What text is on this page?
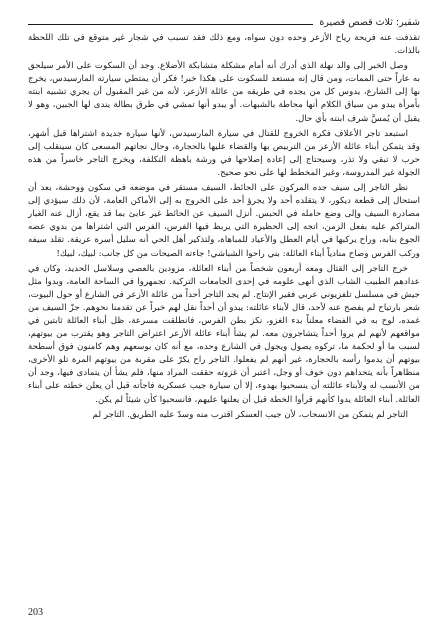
شقير: ثلاث قصص قصيرة

تقذفت عنه فريحة رياح الأزعر وحده دون سواه، ومع ذلك فقد تسبب في شجار غير متوقع في تلك اللحظة بالذات.

وصل الخبر إلى والد نهلة الذي أدرك أنه أمام مشكلة متشابكة الأضلاع. وجد أن السكوت على الأمر سيلحق به عاراً حتى الممات، ومن قال إنه مستعد للسكوت على هكذا خبر! فكر أن يمتطي سيارته المارسيدس، يخرج بها إلى الشارع، يدوس كل من يجده في طريقه من عائلة الأزعر، لأنه من غير المقبول أن يجري تشبيه ابنته بأمرأة يبدو من سياق الكلام أنها محاطة بالشبهات. أو يبدو أنها تمشي في طرق بطالة يندى لها الجبين، وهو لا يقبل أن يُمسَّ شرف ابنته بأي حال.

استبعد تاجر الأعلاف فكرة الخروج للقتال في سيارة المارسيدس، لأنها سيارة جديدة اشتراها قبل أشهر، وقد يتمكن أبناء عائلة الأزعر من التربيص بها والقضاء عليها بالحجارة، وحال نجاتهم المسعى كان سينقلب إلى حرب لا تبقي ولا تذر، وسيحتاج إلى إعادة إصلاحها في ورشة باهظة التكلفة، ويخرج التاجر خاسراً من هذه الجولة غير المدروسة، وغير المخطط لها على نحو صحيح.

نظر التاجر إلى سيف جده المركون على الحائط، السيف مستقر في موضعه في سكون ووحشة، بعد أن استحال إلى قطعة ديكور، لا يتقلده أحد ولا يجرؤ أحد على الخروج به إلى الأماكن العامة، لأن ذلك سيؤدي إلى مصادرة السيف وإلى وضع حامله في الحبس. أنزل السيف عن الحائط غير عابئ بما قد يقع، أزال عنه الغبار المتراكم عليه بفعل الزمن، اتجه إلى الحظيرة التي يربط فيها الفرس، الفرس التي اشتراها من بدوي عضه الجوع بنابه، وراح يركبها في أيام العطل والأعياد للمباهاة، ولتذكير أهل الحي أنه سليل أسرة عريقة. تقلد سيفه وركب الفرس وصاح منادياً أبناء العائلة: بني راحوا الشباشي! جاءته الصيحات من كل جانب: لبيك، لبيك!

خرج التاجر إلى القتال ومعه أربعون شخصاً من أبناء العائلة، مزودين بالعصي وسلاسل الحديد، وكان في عدادهم الطبيب الشاب الذي أنهى علومه في إحدى الجامعات التركية. تجمهروا في الساحة العامة، وبدوا مثل جيش في مسلسل تلفزيوني عربي فقير الإنتاج. لم يجد التاجر أحداً من عائلة الأزعر في الشارع أو حول البيوت، شعر بارتياح لم يفصح عنه لأحد، قال لأبناء عائلته: يبدو أن أحداً نقل لهم خبراً عن تقدمنا نحوهم. جزّ السيف من غمده، لوح به في الفضاء معلناً بدء الغزو، نكز بطن الفرس، فانطلقت مسرعة، ظل أبناء العائلة ثابتين في مواقعهم لأنهم لم يروا أحداً يتشاجرون معه. لم يشأ أبناء عائلة الأزعر اعتراض التاجر وهو يقترب من بيوتهم، لسبب ما أو لحكمة ما، تركوه يصول ويجول في الشارع وحده، مع أنه كان بوسعهم وهم كامنون فوق أسطحة بيوتهم أن يدموا رأسه بالحجارة، غير أنهم لم يفعلوا. التاجر راح يكرّ على مقربة من بيوتهم المرة تلو الأخرى، منظاهراً بأنه يتحداهم دون خوف أو وجل، اعتبر أن غزوته حققت المراد منها، فلم يشأ أن يتمادى فيها، وجد أن من الأنسب له ولأبناء عائلته أن ينسحبوا بهدوء، إلا أن سيارة جيب عسكرية فاجأته قبل أن يعلن خطته على أبناء العائلة. أبناء العائلة يدوا كأنهم قرأوا الخطة قبل أن يعلنها عليهم، فانسحبوا كأن شيئاً لم يكن.

التاجر لم يتمكن من الانسحاب، لأن جيب العسكر اقترب منه وسدّ عليه الطريق. التاجر لم

203
